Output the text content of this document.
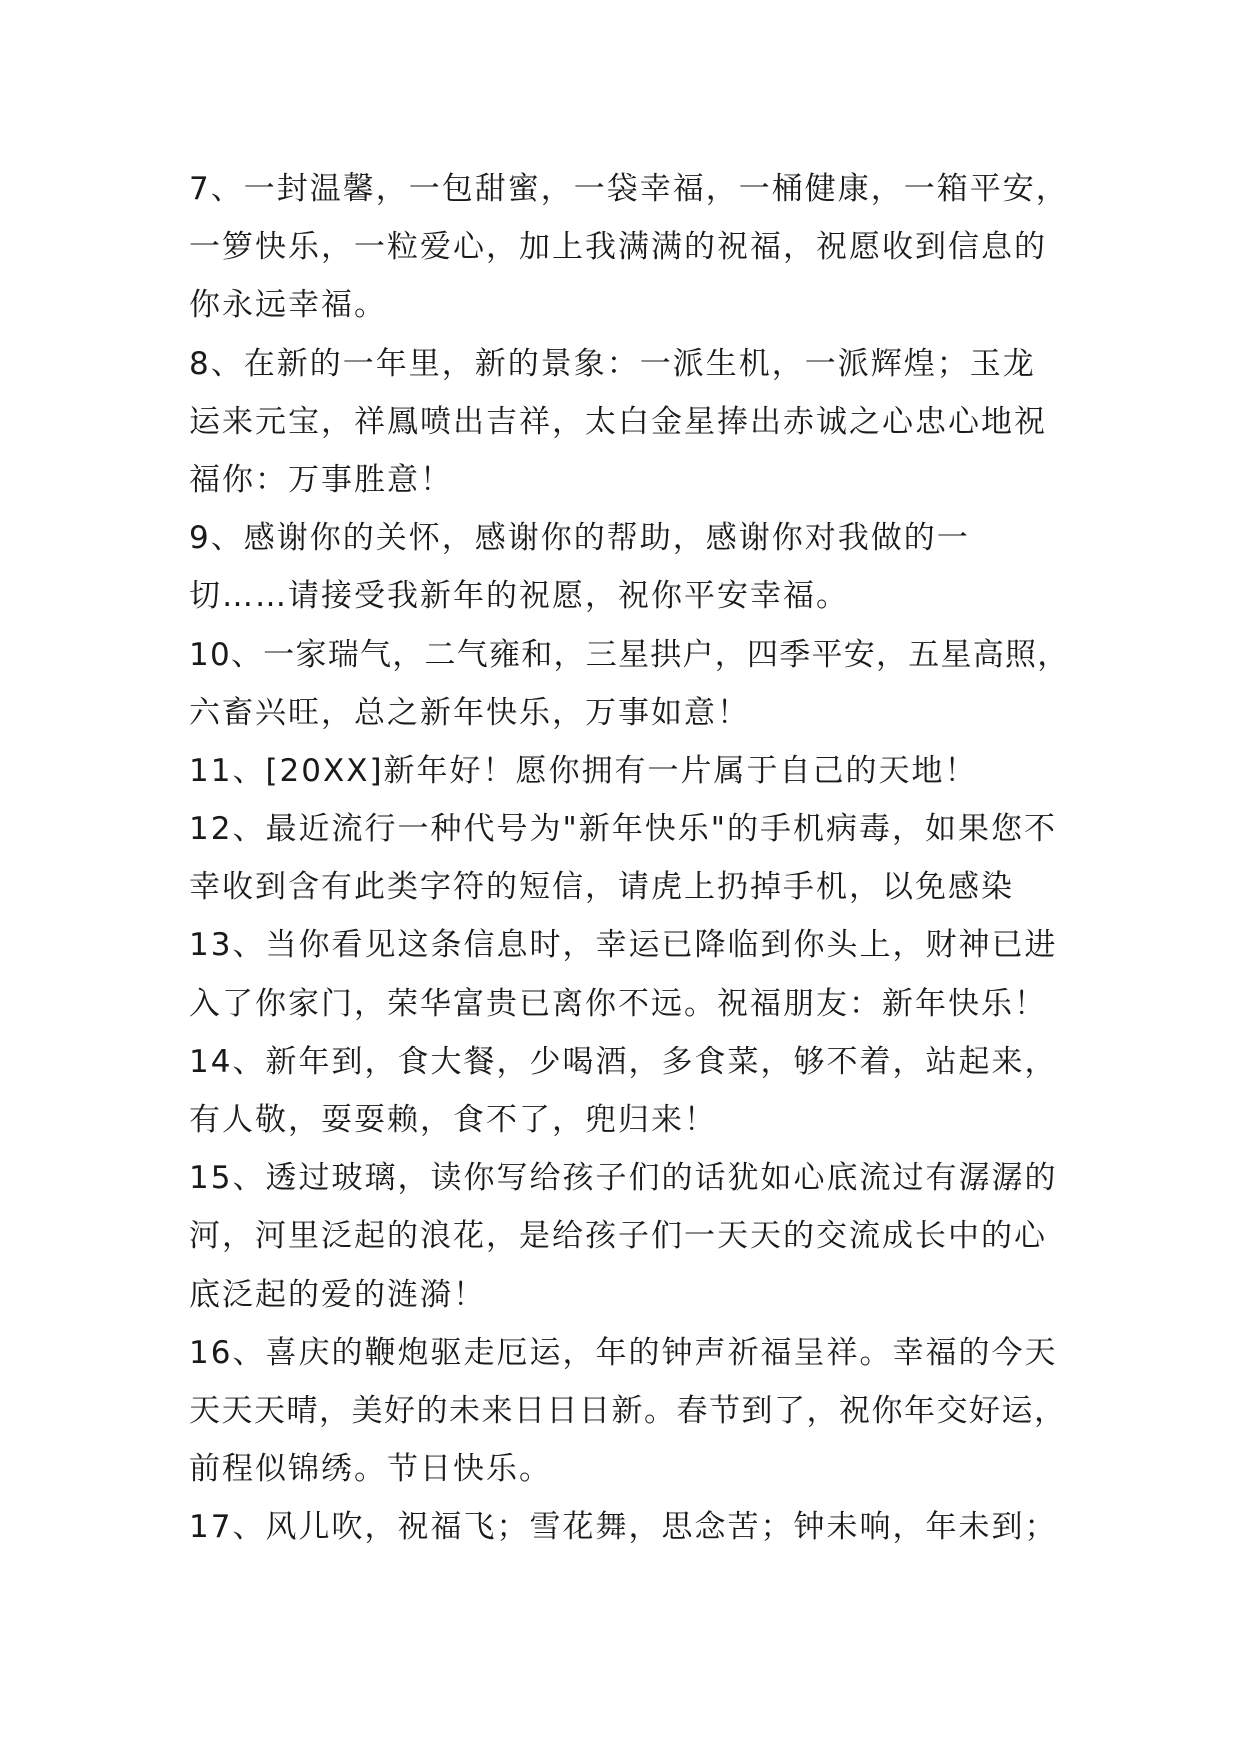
7、一封温馨，一包甜蜜，一袋幸福，一桶健康，一箱平安，
一箩快乐，一粒爱心，加上我满满的祝福，祝愿收到信息的
你永远幸福。
8、在新的一年里，新的景象：一派生机，一派辉煌；玉龙
运来元宝，祥鳳喷出吉祥，太白金星捧出赤诚之心忠心地祝
福你：万事胜意！
9、感谢你的关怀，感谢你的帮助，感谢你对我做的一
切……请接受我新年的祝愿，祝你平安幸福。
10、一家瑞气，二气雍和，三星拱户，四季平安，五星高照，
六畜兴旺，总之新年快乐，万事如意！
11、[20XX]新年好！愿你拥有一片属于自己的天地！
12、最近流行一种代号为"新年快乐"的手机病毒，如果您不
幸收到含有此类字符的短信，请虎上扔掉手机，以免感染
13、当你看见这条信息时，幸运已降临到你头上，财神已进
入了你家门，荣华富贵已离你不远。祝福朋友：新年快乐！
14、新年到，食大餐，少喝酒，多食菜，够不着，站起来，
有人敬，耍耍赖，食不了，兜归来！
15、透过玻璃，读你写给孩子们的话犹如心底流过有潺潺的
河，河里泛起的浪花，是给孩子们一天天的交流成长中的心
底泛起的爱的涟漪！
16、喜庆的鞭炮驱走厄运，年的钟声祈福呈祥。幸福的今天
天天天晴，美好的未来日日日新。春节到了，祝你年交好运，
前程似锦绣。节日快乐。
17、风儿吹，祝福飞；雪花舞，思念苦；钟未响，年未到；
